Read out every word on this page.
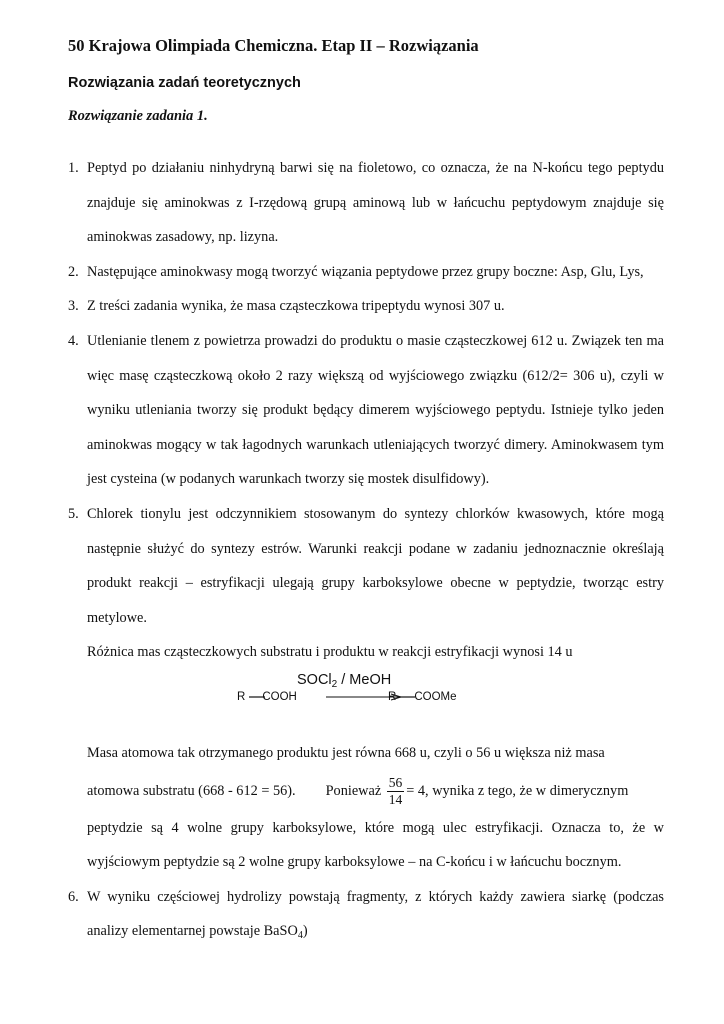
50 Krajowa Olimpiada Chemiczna. Etap II – Rozwiązania
Rozwiązania zadań teoretycznych
Rozwiązanie zadania 1.
1. Peptyd po działaniu ninhydryną barwi się na fioletowo, co oznacza, że na N-końcu tego peptydu znajduje się aminokwas z I-rzędową grupą aminową lub w łańcuchu peptydowym znajduje się aminokwas zasadowy, np. lizyna.
2. Następujące aminokwasy mogą tworzyć wiązania peptydowe przez grupy boczne: Asp, Glu, Lys,
3. Z treści zadania wynika, że masa cząsteczkowa tripeptydu wynosi 307 u.
4. Utlenianie tlenem z powietrza prowadzi do produktu o masie cząsteczkowej 612 u. Związek ten ma więc masę cząsteczkową około 2 razy większą od wyjściowego związku (612/2= 306 u), czyli w wyniku utleniania tworzy się produkt będący dimerem wyjściowego peptydu. Istnieje tylko jeden aminokwas mogący w tak łagodnych warunkach utleniających tworzyć dimery. Aminokwasem tym jest cysteina (w podanych warunkach tworzy się mostek disulfidowy).
5. Chlorek tionylu jest odczynnikiem stosowanym do syntezy chlorków kwasowych, które mogą następnie służyć do syntezy estrów. Warunki reakcji podane w zadaniu jednoznacznie określają produkt reakcji – estryfikacji ulegają grupy karboksylowe obecne w peptydzie, tworząc estry metylowe.
Różnica mas cząsteczkowych substratu i produktu w reakcji estryfikacji wynosi 14 u
SOCl$_2$ / MeOH
R COOH	R COOMe
Masa atomowa tak otrzymanego produktu jest równa 668 u, czyli o 56 u większa niż masa
atomowa substratu (668 - 612 = 56). Ponieważ $\frac{56}{14} = 4$, wynika z tego, że w dimerycznym
peptydzie są 4 wolne grupy karboksylowe, które mogą ulec estryfikacji. Oznacza to, że w wyjściowym peptydzie są 2 wolne grupy karboksylowe – na C-końcu i w łańcuchu bocznym.
6. W wyniku częściowej hydrolizy powstają fragmenty, z których każdy zawiera siarkę (podczas analizy elementarnej powstaje BaSO$_4$)
